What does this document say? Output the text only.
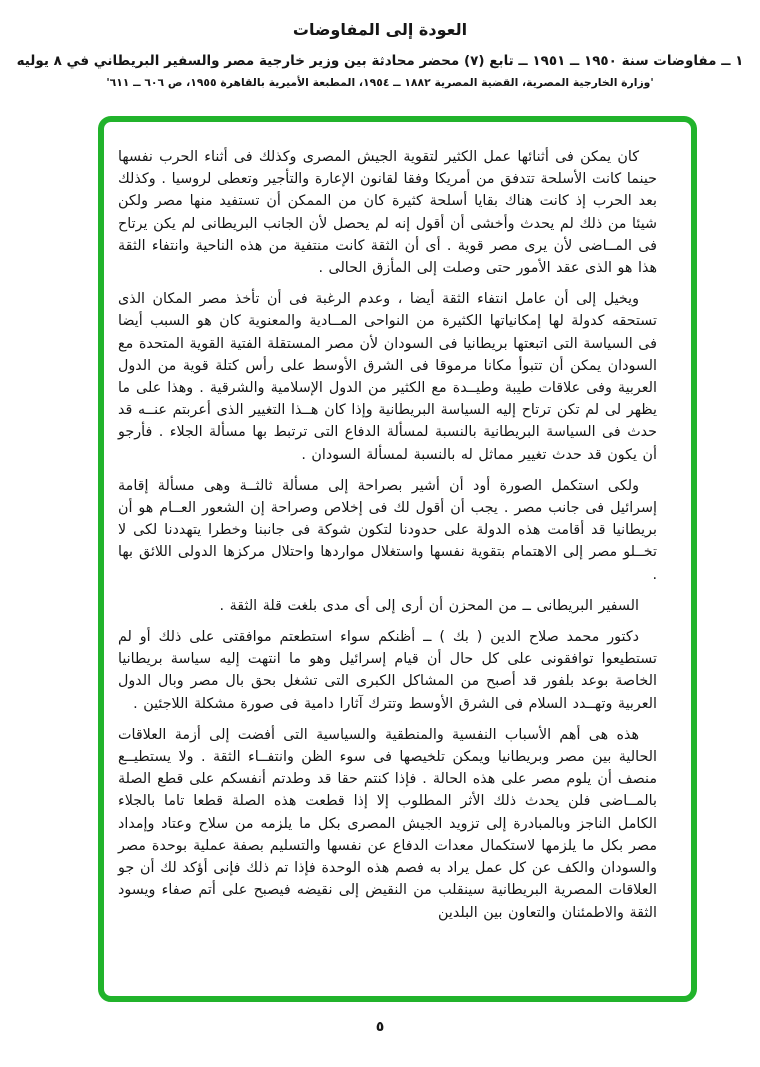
العودة إلى المفاوضات
١ ــ مفاوضات سنة ١٩٥٠ ــ ١٩٥١ ــ تابع (٧) محضر محادثة بين وزير خارجية مصر والسفير البريطاني في ٨ يوليه
'وزارة الخارجية المصرية، القضية المصرية ١٨٨٢ ــ ١٩٥٤، المطبعة الأميرية بالقاهرة ١٩٥٥، ص ٦٠٦ ــ ٦١١'

كان يمكن فى أثنائها عمل الكثير لتقوية الجيش المصرى وكذلك فى أثناء الحرب نفسها حينما كانت الأسلحة تتدفق من أمريكا وفقا لقانون الإعارة والتأجير وتعطى لروسيا . وكذلك بعد الحرب إذ كانت هناك بقايا أسلحة كثيرة كان من الممكن أن تستفيد منها مصر ولكن شيئا من ذلك لم يحدث وأخشى أن أقول إنه لم يحصل لأن الجانب البريطانى لم يكن يرتاح فى المــاضى لأن يرى مصر قوية . أى أن الثقة كانت منتفية من هذه الناحية وانتفاء الثقة هذا هو الذى عقد الأمور حتى وصلت إلى المأزق الحالى .

ويخيل إلى أن عامل انتفاء الثقة أيضا ، وعدم الرغبة فى أن تأخذ مصر المكان الذى تستحقه كدولة لها إمكانياتها الكثيرة من النواحى المــادية والمعنوية كان هو السبب أيضا فى السياسة التى اتبعتها بريطانيا فى السودان لأن مصر المستقلة الفتية القوية المتحدة مع السودان يمكن أن تتبوأ مكانا مرموقا فى الشرق الأوسط على رأس كتلة قوية من الدول العربية وفى علاقات طيبة وطيــدة مع الكثير من الدول الإسلامية والشرقية . وهذا على ما يظهر لى لم تكن ترتاح إليه السياسة البريطانية وإذا كان هــذا التغيير الذى أعربتم عنــه قد حدث فى السياسة البريطانية بالنسبة لمسألة الدفاع التى ترتبط بها مسألة الجلاء . فأرجو أن يكون قد حدث تغيير مماثل له بالنسبة لمسألة السودان .

ولكى استكمل الصورة أود أن أشير بصراحة إلى مسألة ثالثــة وهى مسألة إقامة إسرائيل فى جانب مصر . يجب أن أقول لك فى إخلاص وصراحة إن الشعور العــام هو أن بريطانيا قد أقامت هذه الدولة على حدودنا لتكون شوكة فى جانبنا وخطرا يتهددنا لكى لا تخــلو مصر إلى الاهتمام بتقوية نفسها واستغلال مواردها واحتلال مركزها الدولى اللائق بها .

السفير البريطانى ــ من المحزن أن أرى إلى أى مدى بلغت قلة الثقة .

دكتور محمد صلاح الدين ( بك ) ــ أظنكم سواء استطعتم موافقتى على ذلك أو لم تستطيعوا توافقونى على كل حال أن قيام إسرائيل وهو ما انتهت إليه سياسة بريطانيا الخاصة بوعد بلفور قد أصبح من المشاكل الكبرى التى تشغل بحق بال مصر وبال الدول العربية وتهــدد السلام فى الشرق الأوسط وتترك آثارا دامية فى صورة مشكلة اللاجئين .

هذه هى أهم الأسباب النفسية والمنطقية والسياسية التى أفضت إلى أزمة العلاقات الحالية بين مصر وبريطانيا ويمكن تلخيصها فى سوء الظن وانتفــاء الثقة . ولا يستطيــع منصف أن يلوم مصر على هذه الحالة . فإذا كنتم حقا قد وطدتم أنفسكم على قطع الصلة بالمــاضى فلن يحدث ذلك الأثر المطلوب إلا إذا قطعت هذه الصلة قطعا تاما بالجلاء الكامل الناجز وبالمبادرة إلى تزويد الجيش المصرى بكل ما يلزمه من سلاح وعتاد وإمداد مصر بكل ما يلزمها لاستكمال معدات الدفاع عن نفسها والتسليم بصفة عملية بوحدة مصر والسودان والكف عن كل عمل يراد به فصم هذه الوحدة فإذا تم ذلك فإنى أؤكد لك أن جو العلاقات المصرية البريطانية سينقلب من النقيض إلى نقيضه فيصبح على أتم صفاء ويسود الثقة والاطمئنان والتعاون بين البلدين

٥
